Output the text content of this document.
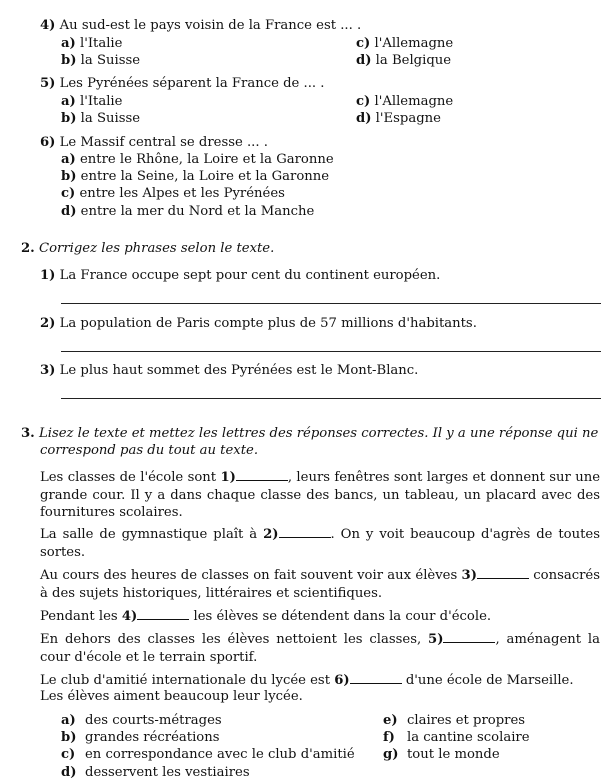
4) Au sud-est le pays voisin de la France est ... .
a) l'Italie
b) la Suisse
c) l'Allemagne
d) la Belgique
5) Les Pyrénées séparent la France de ... .
a) l'Italie
b) la Suisse
c) l'Allemagne
d) l'Espagne
6) Le Massif central se dresse ... .
a) entre le Rhône, la Loire et la Garonne
b) entre la Seine, la Loire et la Garonne
c) entre les Alpes et les Pyrénées
d) entre la mer du Nord et la Manche
2. Corrigez les phrases selon le texte.
1) La France occupe sept pour cent du continent européen.
2) La population de Paris compte plus de 57 millions d'habitants.
3) Le plus haut sommet des Pyrénées est le Mont-Blanc.
3. Lisez le texte et mettez les lettres des réponses correctes. Il y a une réponse qui ne
correspond pas du tout au texte.
Les classes de l'école sont 1)	, leurs fenêtres sont larges et donnent sur une grande cour. Il y a dans chaque classe des bancs, un tableau, un placard avec des fournitures scolaires.
La salle de gymnastique plaît à 2)	. On y voit beaucoup d'agrès de toutes sortes.
Au cours des heures de classes on fait souvent voir aux élèves 3)	consacrés à des sujets historiques, littéraires et scientifiques.
Pendant les 4)	les élèves se détendent dans la cour d'école.
En dehors des classes les élèves nettoient les classes, 5)	, aménagent la cour d'école et le terrain sportif.
Le club d'amitié internationale du lycée est 6)	d'une école de Marseille.
Les élèves aiment beaucoup leur lycée.
a) des courts-métrages
b) grandes récréations
c) en correspondance avec le club d'amitié
d) desservent les vestiaires
e) claires et propres
f) la cantine scolaire
g) tout le monde
